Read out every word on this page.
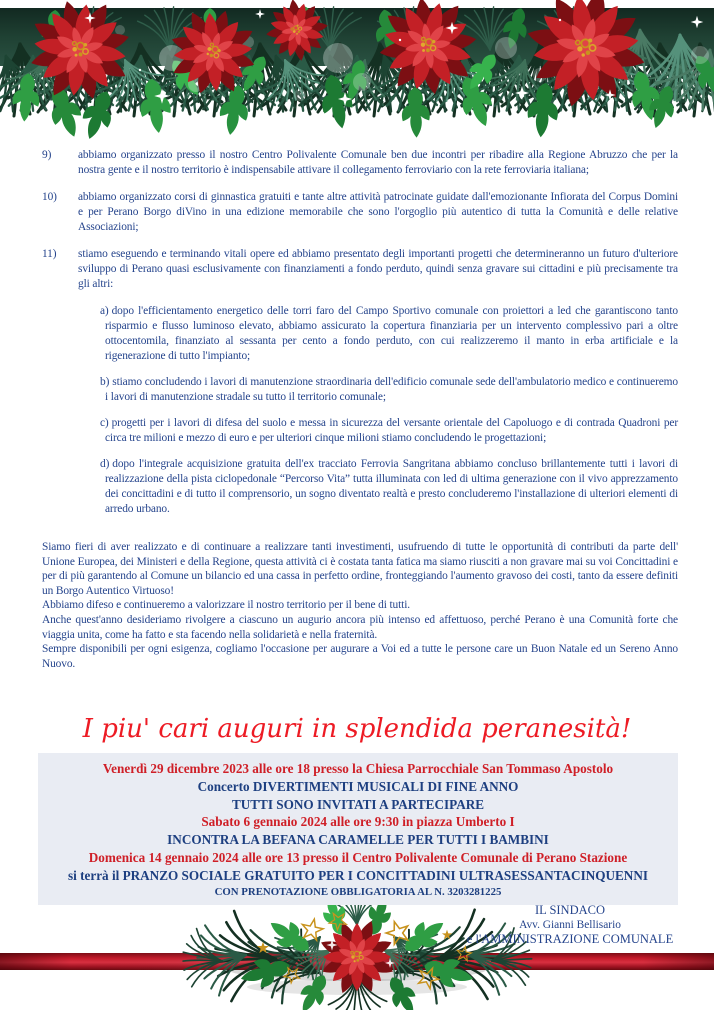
9)	abbiamo organizzato presso il nostro Centro Polivalente Comunale ben due incontri per ribadire alla Regione Abruzzo che per la nostra gente e il nostro territorio è indispensabile attivare il collegamento ferroviario con la rete ferroviaria italiana;
10)	abbiamo organizzato corsi di ginnastica gratuiti e tante altre attività patrocinate guidate dall'emozionante Infiorata del Corpus Domini e per Perano Borgo diVino in una edizione memorabile che sono l'orgoglio più autentico di tutta la Comunità e delle relative Associazioni;
11)	stiamo eseguendo e terminando vitali opere ed abbiamo presentato degli importanti progetti che determineranno un futuro d'ulteriore sviluppo di Perano quasi esclusivamente con finanziamenti a fondo perduto, quindi senza gravare sui cittadini e più precisamente tra gli altri:
a) dopo l'efficientamento energetico delle torri faro del Campo Sportivo comunale con proiettori a led che garantiscono tanto risparmio e flusso luminoso elevato, abbiamo assicurato la copertura finanziaria per un intervento complessivo pari a oltre ottocentomila, finanziato al sessanta per cento a fondo perduto, con cui realizzeremo il manto in erba artificiale e la rigenerazione di tutto l'impianto;
b) stiamo concludendo i lavori di manutenzione straordinaria dell'edificio comunale sede dell'ambulatorio medico e continueremo i lavori di manutenzione stradale su tutto il territorio comunale;
c) progetti per i lavori di difesa del suolo e messa in sicurezza del versante orientale del Capoluogo e di contrada Quadroni per circa tre milioni e mezzo di euro e per ulteriori cinque milioni stiamo concludendo le progettazioni;
d) dopo l'integrale acquisizione gratuita dell'ex tracciato Ferrovia Sangritana abbiamo concluso brillantemente tutti i lavori di realizzazione della pista ciclopedonale “Percorso Vita” tutta illuminata con led di ultima generazione con il vivo apprezzamento dei concittadini e di tutto il comprensorio, un sogno diventato realtà e presto concluderemo l'installazione di ulteriori elementi di arredo urbano.
Siamo fieri di aver realizzato e di continuare a realizzare tanti investimenti, usufruendo di tutte le opportunità di contributi da parte dell' Unione Europea, dei Ministeri e della Regione, questa attività ci è costata tanta fatica ma siamo riusciti a non gravare mai su voi Concittadini e per di più garantendo al Comune un bilancio ed una cassa in perfetto ordine, fronteggiando l'aumento gravoso dei costi, tanto da essere definiti un Borgo Autentico Virtuoso!
Abbiamo difeso e continueremo a valorizzare il nostro territorio per il bene di tutti.
Anche quest'anno desideriamo rivolgere a ciascuno un augurio ancora più intenso ed affettuoso, perché Perano è una Comunità forte che viaggia unita, come ha fatto e sta facendo nella solidarietà e nella fraternità.
Sempre disponibili per ogni esigenza, cogliamo l'occasione per augurare a Voi ed a tutte le persone care un Buon Natale ed un Sereno Anno Nuovo.
I piu' cari auguri in splendida peranesità!
Venerdì 29 dicembre 2023 alle ore 18 presso la Chiesa Parrocchiale San Tommaso Apostolo
Concerto DIVERTIMENTI MUSICALI DI FINE ANNO
TUTTI SONO INVITATI A PARTECIPARE
Sabato 6 gennaio 2024 alle ore 9:30 in piazza Umberto I
INCONTRA LA BEFANA CARAMELLE PER TUTTI I BAMBINI
Domenica 14 gennaio 2024 alle ore 13 presso il Centro Polivalente Comunale di Perano Stazione
si terrà il PRANZO SOCIALE GRATUITO PER I CONCITTADINI ULTRASESSANTACINQUENNI
CON PRENOTAZIONE OBBLIGATORIA AL N. 3203281225
IL SINDACO
Avv. Gianni Bellisario
e l'AMMINISTRAZIONE COMUNALE
